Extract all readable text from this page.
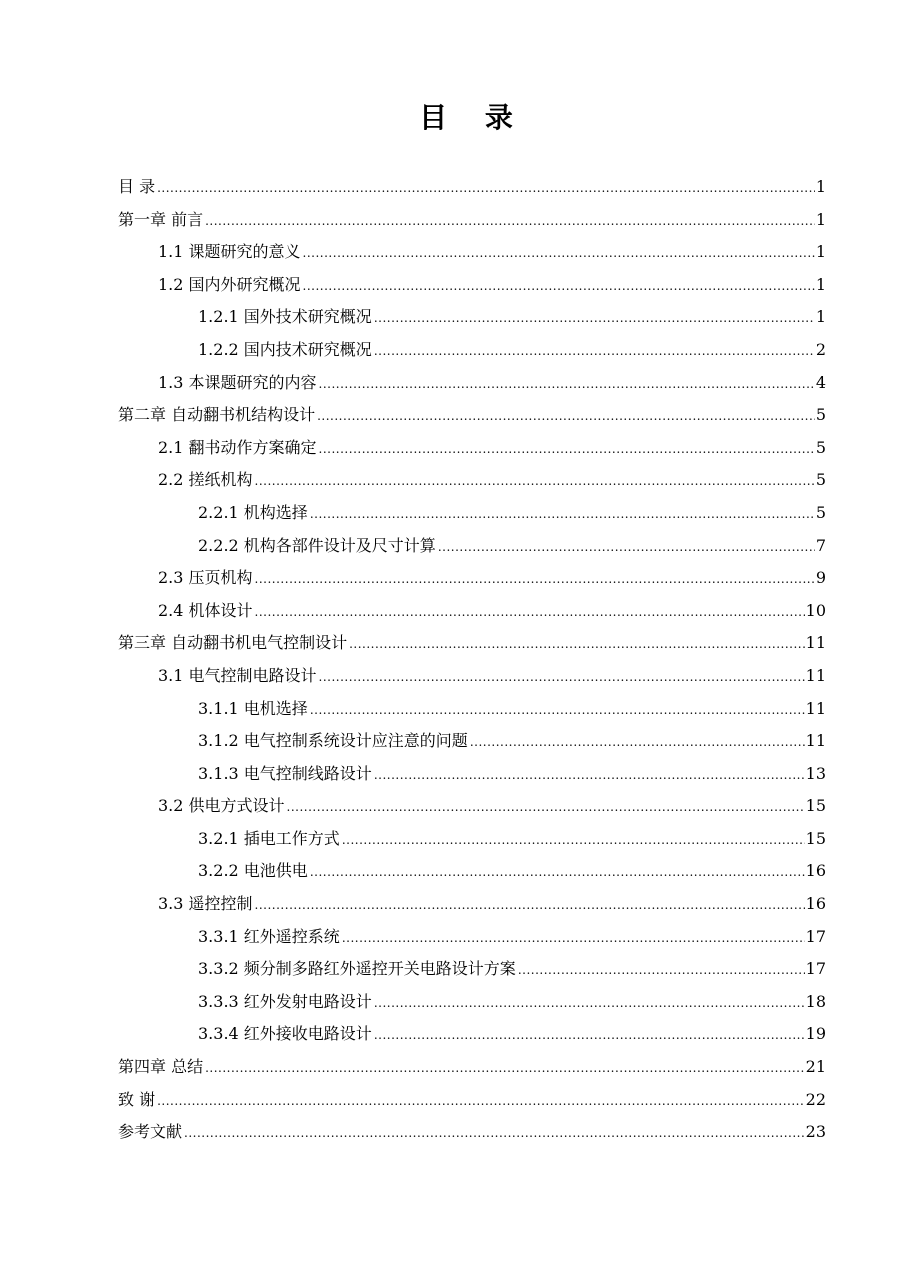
目 录
目 录 .....	1
第一章 前言 .....	1
1.1 课题研究的意义 .....	1
1.2 国内外研究概况 .....	1
1.2.1 国外技术研究概况 .....	1
1.2.2 国内技术研究概况 .....	2
1.3 本课题研究的内容 .....	4
第二章 自动翻书机结构设计 .....	5
2.1 翻书动作方案确定 .....	5
2.2 搓纸机构 .....	5
2.2.1 机构选择 .....	5
2.2.2 机构各部件设计及尺寸计算 .....	7
2.3 压页机构 .....	9
2.4 机体设计 .....	10
第三章 自动翻书机电气控制设计 .....	11
3.1 电气控制电路设计 .....	11
3.1.1 电机选择 .....	11
3.1.2 电气控制系统设计应注意的问题 .....	11
3.1.3 电气控制线路设计 .....	13
3.2 供电方式设计 .....	15
3.2.1 插电工作方式 .....	15
3.2.2 电池供电 .....	16
3.3 遥控控制 .....	16
3.3.1 红外遥控系统 .....	17
3.3.2 频分制多路红外遥控开关电路设计方案 .....	17
3.3.3 红外发射电路设计 .....	18
3.3.4 红外接收电路设计 .....	19
第四章 总结 .....	21
致 谢 .....	22
参考文献 .....	23
